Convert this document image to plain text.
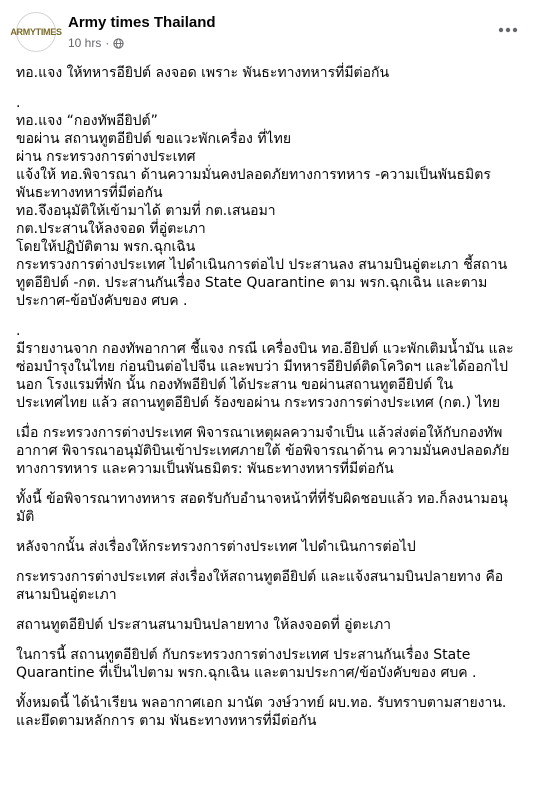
ARMYTIMES
Army times Thailand
10 hrs ·

ทอ.แจง ให้ทหารอียิปต์ ลงจอด เพราะ พันธะทางทหารที่มีต่อกัน

.
ทอ.แจง “กองทัพอียิปต์”
ขอผ่าน สถานทูตอียิปต์ ขอแวะพักเครื่อง ที่ไทย
ผ่าน กระทรวงการต่างประเทศ
แจ้งให้ ทอ.พิจารณา ด้านความมั่นคงปลอดภัยทางการทหาร -ความเป็นพันธมิตร พันธะทางทหารที่มีต่อกัน
ทอ.จึงอนุมัติให้เข้ามาได้ ตามที่ กต.เสนอมา
กต.ประสานให้ลงจอด ที่อู่ตะเภา
โดยให้ปฏิบัติตาม พรก.ฉุกเฉิน
กระทรวงการต่างประเทศ ไปดำเนินการต่อไป ประสานลง สนามบินอู่ตะเภา ชี้สถานทูตอียิปต์ -กต. ประสานกันเรื่อง State Quarantine ตาม พรก.ฉุกเฉิน และตามประกาศ-ข้อบังคับของ ศบค .

.
มีรายงานจาก กองทัพอากาศ ชี้แจง กรณี เครื่องบิน ทอ.อียิปต์ แวะพักเติมน้ำมัน และซ่อมบำรุงในไทย ก่อนบินต่อไปจีน และพบว่า มีทหารอียิปต์ติดโควิดฯ และได้ออกไปนอก โรงแรมที่พัก นั้น กองทัพอียิปต์ ได้ประสาน ขอผ่านสถานทูตอียิปต์ ในประเทศไทย แล้ว สถานทูตอียิปต์ ร้องขอผ่าน กระทรวงการต่างประเทศ (กต.) ไทย

เมื่อ กระทรวงการต่างประเทศ พิจารณาเหตุผลความจำเป็น แล้วส่งต่อให้กับกองทัพอากาศ พิจารณาอนุมัติบินเข้าประเทศภายใต้ ข้อพิจารณาด้าน ความมั่นคงปลอดภัยทางการทหาร และความเป็นพันธมิตร: พันธะทางทหารที่มีต่อกัน

ทั้งนี้ ข้อพิจารณาทางทหาร สอดรับกับอำนาจหน้าที่ที่รับผิดชอบแล้ว ทอ.ก็ลงนามอนุมัติ

หลังจากนั้น ส่งเรื่องให้กระทรวงการต่างประเทศ ไปดำเนินการต่อไป

กระทรวงการต่างประเทศ ส่งเรื่องให้สถานทูตอียิปต์ และแจ้งสนามบินปลายทาง คือ สนามบินอู่ตะเภา

สถานทูตอียิปต์ ประสานสนามบินปลายทาง ให้ลงจอดที่ อู่ตะเภา

ในการนี้ สถานทูตอียิปต์ กับกระทรวงการต่างประเทศ ประสานกันเรื่อง State Quarantine ที่เป็นไปตาม พรก.ฉุกเฉิน และตามประกาศ/ข้อบังคับของ ศบค .

ทั้งหมดนี้ ได้นำเรียน พลอากาศเอก มานัต วงษ์วาทย์ ผบ.ทอ. รับทราบตามสายงาน. และยึดตามหลักการ ตาม พันธะทางทหารที่มีต่อกัน
